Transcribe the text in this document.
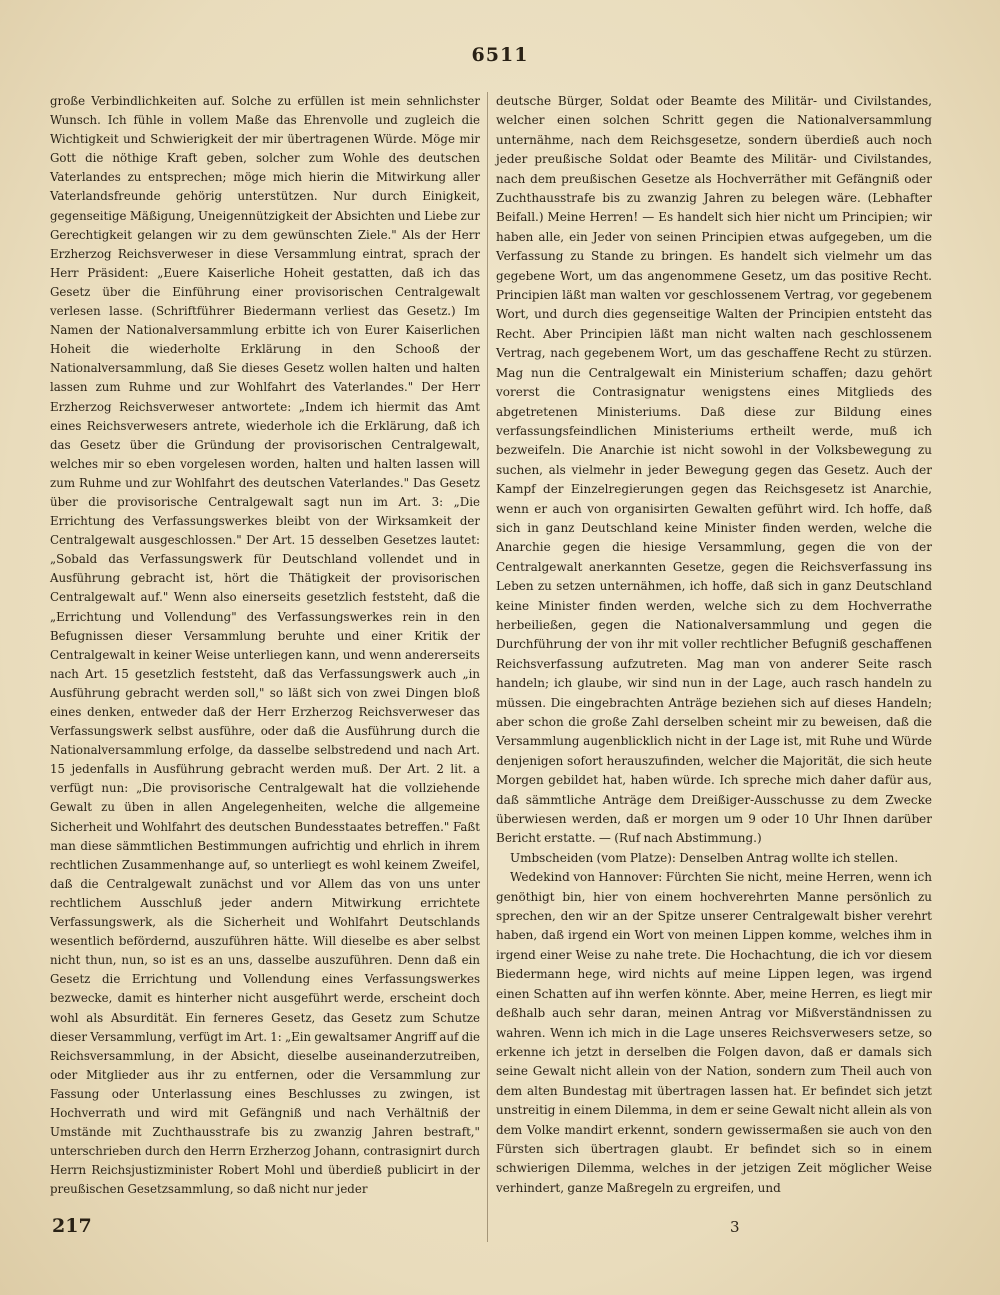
6511

große Verbindlichkeiten auf. Solche zu erfüllen ist mein sehnlichster Wunsch. Ich fühle in vollem Maße das Ehrenvolle und zugleich die Wichtigkeit und Schwierigkeit der mir übertragenen Würde. Möge mir Gott die nöthige Kraft geben, solcher zum Wohle des deutschen Vaterlandes zu entsprechen; möge mich hierin die Mitwirkung aller Vaterlandsfreunde gehörig unterstützen. Nur durch Einigkeit, gegenseitige Mäßigung, Uneigennützigkeit der Absichten und Liebe zur Gerechtigkeit gelangen wir zu dem gewünschten Ziele." Als der Herr Erzherzog Reichsverweser in diese Versammlung eintrat, sprach der Herr Präsident: „Euere Kaiserliche Hoheit gestatten, daß ich das Gesetz über die Einführung einer provisorischen Centralgewalt verlesen lasse. (Schriftführer Biedermann verliest das Gesetz.) Im Namen der Nationalversammlung erbitte ich von Eurer Kaiserlichen Hoheit die wiederholte Erklärung in den Schooß der Nationalversammlung, daß Sie dieses Gesetz wollen halten und halten lassen zum Ruhme und zur Wohlfahrt des Vaterlandes." Der Herr Erzherzog Reichsverweser antwortete: „Indem ich hiermit das Amt eines Reichsverwesers antrete, wiederhole ich die Erklärung, daß ich das Gesetz über die Gründung der provisorischen Centralgewalt, welches mir so eben vorgelesen worden, halten und halten lassen will zum Ruhme und zur Wohlfahrt des deutschen Vaterlandes." Das Gesetz über die provisorische Centralgewalt sagt nun im Art. 3: „Die Errichtung des Verfassungswerkes bleibt von der Wirksamkeit der Centralgewalt ausgeschlossen." Der Art. 15 desselben Gesetzes lautet: „Sobald das Verfassungswerk für Deutschland vollendet und in Ausführung gebracht ist, hört die Thätigkeit der provisorischen Centralgewalt auf." Wenn also einerseits gesetzlich feststeht, daß die „Errichtung und Vollendung" des Verfassungswerkes rein in den Befugnissen dieser Versammlung beruhte und einer Kritik der Centralgewalt in keiner Weise unterliegen kann, und wenn andererseits nach Art. 15 gesetzlich feststeht, daß das Verfassungswerk auch „in Ausführung gebracht werden soll," so läßt sich von zwei Dingen bloß eines denken, entweder daß der Herr Erzherzog Reichsverweser das Verfassungswerk selbst ausführe, oder daß die Ausführung durch die Nationalversammlung erfolge, da dasselbe selbstredend und nach Art. 15 jedenfalls in Ausführung gebracht werden muß. Der Art. 2 lit. a verfügt nun: „Die provisorische Centralgewalt hat die vollziehende Gewalt zu üben in allen Angelegenheiten, welche die allgemeine Sicherheit und Wohlfahrt des deutschen Bundesstaates betreffen." Faßt man diese sämmtlichen Bestimmungen aufrichtig und ehrlich in ihrem rechtlichen Zusammenhange auf, so unterliegt es wohl keinem Zweifel, daß die Centralgewalt zunächst und vor Allem das von uns unter rechtlichem Ausschluß jeder andern Mitwirkung errichtete Verfassungswerk, als die Sicherheit und Wohlfahrt Deutschlands wesentlich befördernd, auszuführen hätte. Will dieselbe es aber selbst nicht thun, nun, so ist es an uns, dasselbe auszuführen. Denn daß ein Gesetz die Errichtung und Vollendung eines Verfassungswerkes bezwecke, damit es hinterher nicht ausgeführt werde, erscheint doch wohl als Absurdität. Ein ferneres Gesetz, das Gesetz zum Schutze dieser Versammlung, verfügt im Art. 1: „Ein gewaltsamer Angriff auf die Reichsversammlung, in der Absicht, dieselbe auseinanderzutreiben, oder Mitglieder aus ihr zu entfernen, oder die Versammlung zur Fassung oder Unterlassung eines Beschlusses zu zwingen, ist Hochverrath und wird mit Gefängniß und nach Verhältniß der Umstände mit Zuchthausstrafe bis zu zwanzig Jahren bestraft," unterschrieben durch den Herrn Erzherzog Johann, contrasignirt durch Herrn Reichsjustizminister Robert Mohl und überdieß publicirt in der preußischen Gesetzsammlung, so daß nicht nur jeder

deutsche Bürger, Soldat oder Beamte des Militär- und Civilstandes, welcher einen solchen Schritt gegen die Nationalversammlung unternähme, nach dem Reichsgesetze, sondern überdieß auch noch jeder preußische Soldat oder Beamte des Militär- und Civilstandes, nach dem preußischen Gesetze als Hochverräther mit Gefängniß oder Zuchthausstrafe bis zu zwanzig Jahren zu belegen wäre. (Lebhafter Beifall.) Meine Herren! — Es handelt sich hier nicht um Principien; wir haben alle, ein Jeder von seinen Principien etwas aufgegeben, um die Verfassung zu Stande zu bringen. Es handelt sich vielmehr um das gegebene Wort, um das angenommene Gesetz, um das positive Recht. Principien läßt man walten vor geschlossenem Vertrag, vor gegebenem Wort, und durch dies gegenseitige Walten der Principien entsteht das Recht. Aber Principien läßt man nicht walten nach geschlossenem Vertrag, nach gegebenem Wort, um das geschaffene Recht zu stürzen. Mag nun die Centralgewalt ein Ministerium schaffen; dazu gehört vorerst die Contrasignatur wenigstens eines Mitglieds des abgetretenen Ministeriums. Daß diese zur Bildung eines verfassungsfeindlichen Ministeriums ertheilt werde, muß ich bezweifeln. Die Anarchie ist nicht sowohl in der Volksbewegung zu suchen, als vielmehr in jeder Bewegung gegen das Gesetz. Auch der Kampf der Einzelregierungen gegen das Reichsgesetz ist Anarchie, wenn er auch von organisirten Gewalten geführt wird. Ich hoffe, daß sich in ganz Deutschland keine Minister finden werden, welche die Anarchie gegen die hiesige Versammlung, gegen die von der Centralgewalt anerkannten Gesetze, gegen die Reichsverfassung ins Leben zu setzen unternähmen, ich hoffe, daß sich in ganz Deutschland keine Minister finden werden, welche sich zu dem Hochverrathe herbeiließen, gegen die Nationalversammlung und gegen die Durchführung der von ihr mit voller rechtlicher Befugniß geschaffenen Reichsverfassung aufzutreten. Mag man von anderer Seite rasch handeln; ich glaube, wir sind nun in der Lage, auch rasch handeln zu müssen. Die eingebrachten Anträge beziehen sich auf dieses Handeln; aber schon die große Zahl derselben scheint mir zu beweisen, daß die Versammlung augenblicklich nicht in der Lage ist, mit Ruhe und Würde denjenigen sofort herauszufinden, welcher die Majorität, die sich heute Morgen gebildet hat, haben würde. Ich spreche mich daher dafür aus, daß sämmtliche Anträge dem Dreißiger-Ausschusse zu dem Zwecke überwiesen werden, daß er morgen um 9 oder 10 Uhr Ihnen darüber Bericht erstatte. — (Ruf nach Abstimmung.)

Umbscheiden (vom Platze): Denselben Antrag wollte ich stellen.

Wedekind von Hannover: Fürchten Sie nicht, meine Herren, wenn ich genöthigt bin, hier von einem hochverehrten Manne persönlich zu sprechen, den wir an der Spitze unserer Centralgewalt bisher verehrt haben, daß irgend ein Wort von meinen Lippen komme, welches ihm in irgend einer Weise zu nahe trete. Die Hochachtung, die ich vor diesem Biedermann hege, wird nichts auf meine Lippen legen, was irgend einen Schatten auf ihn werfen könnte. Aber, meine Herren, es liegt mir deßhalb auch sehr daran, meinen Antrag vor Mißverständnissen zu wahren. Wenn ich mich in die Lage unseres Reichsverwesers setze, so erkenne ich jetzt in derselben die Folgen davon, daß er damals sich seine Gewalt nicht allein von der Nation, sondern zum Theil auch von dem alten Bundestag mit übertragen lassen hat. Er befindet sich jetzt unstreitig in einem Dilemma, in dem er seine Gewalt nicht allein als von dem Volke mandirt erkennt, sondern gewissermaßen sie auch von den Fürsten sich übertragen glaubt. Er befindet sich so in einem schwierigen Dilemma, welches in der jetzigen Zeit möglicher Weise verhindert, ganze Maßregeln zu ergreifen, und

217	3
